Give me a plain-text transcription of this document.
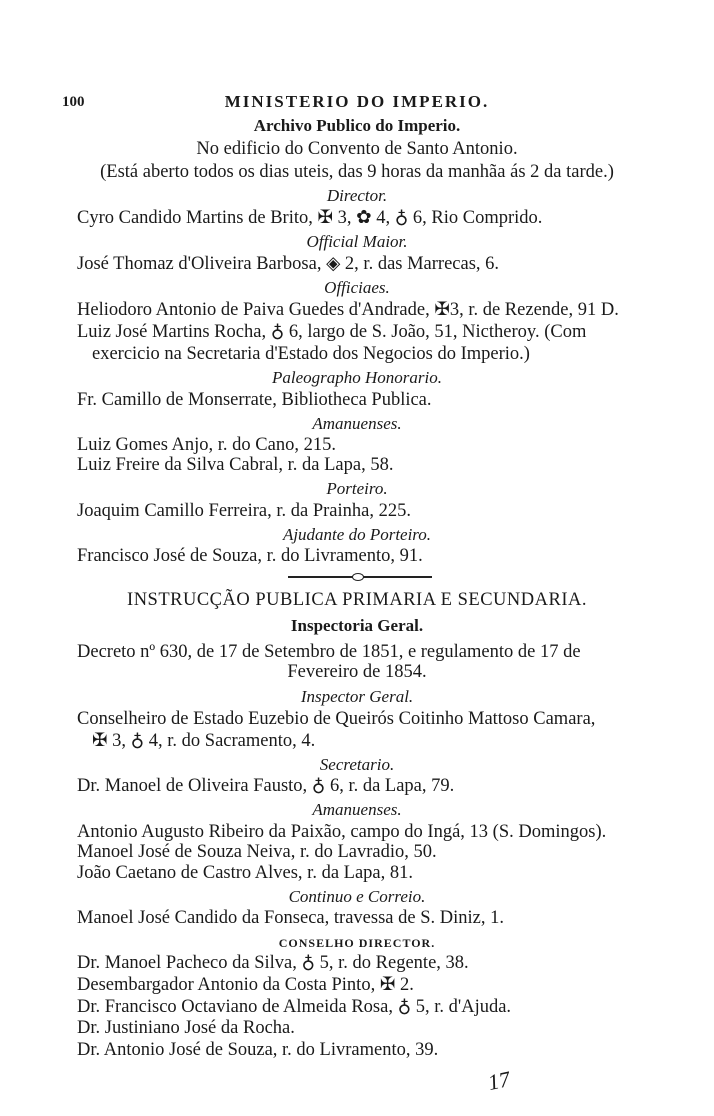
100	MINISTERIO DO IMPERIO.
Archivo Publico do Imperio.
No edificio do Convento de Santo Antonio.
(Está aberto todos os dias uteis, das 9 horas da manhãa ás 2 da tarde.)
Director.
Cyro Candido Martins de Brito, ✠ 3, ✿ 4, ♁ 6, Rio Comprido.
Official Maior.
José Thomaz d'Oliveira Barbosa, ◈ 2, r. das Marrecas, 6.
Officiaes.
Heliodoro Antonio de Paiva Guedes d'Andrade, ✠3, r. de Rezende, 91 D.
Luiz José Martins Rocha, ♁ 6, largo de S. João, 51, Nictheroy. (Com
exercicio na Secretaria d'Estado dos Negocios do Imperio.)
Paleographo Honorario.
Fr. Camillo de Monserrate, Bibliotheca Publica.
Amanuenses.
Luiz Gomes Anjo, r. do Cano, 215.
Luiz Freire da Silva Cabral, r. da Lapa, 58.
Porteiro.
Joaquim Camillo Ferreira, r. da Prainha, 225.
Ajudante do Porteiro.
Francisco José de Souza, r. do Livramento, 91.
INSTRUCÇÃO PUBLICA PRIMARIA E SECUNDARIA.
Inspectoria Geral.
Decreto nº 630, de 17 de Setembro de 1851, e regulamento de 17 de
Fevereiro de 1854.
Inspector Geral.
Conselheiro de Estado Euzebio de Queirós Coitinho Mattoso Camara,
✠ 3, ♁ 4, r. do Sacramento, 4.
Secretario.
Dr. Manoel de Oliveira Fausto, ♁ 6, r. da Lapa, 79.
Amanuenses.
Antonio Augusto Ribeiro da Paixão, campo do Ingá, 13 (S. Domingos).
Manoel José de Souza Neiva, r. do Lavradio, 50.
João Caetano de Castro Alves, r. da Lapa, 81.
Continuo e Correio.
Manoel José Candido da Fonseca, travessa de S. Diniz, 1.
CONSELHO DIRECTOR.
Dr. Manoel Pacheco da Silva, ♁ 5, r. do Regente, 38.
Desembargador Antonio da Costa Pinto, ✠ 2.
Dr. Francisco Octaviano de Almeida Rosa, ♁ 5, r. d'Ajuda.
Dr. Justiniano José da Rocha.
Dr. Antonio José de Souza, r. do Livramento, 39.
17
